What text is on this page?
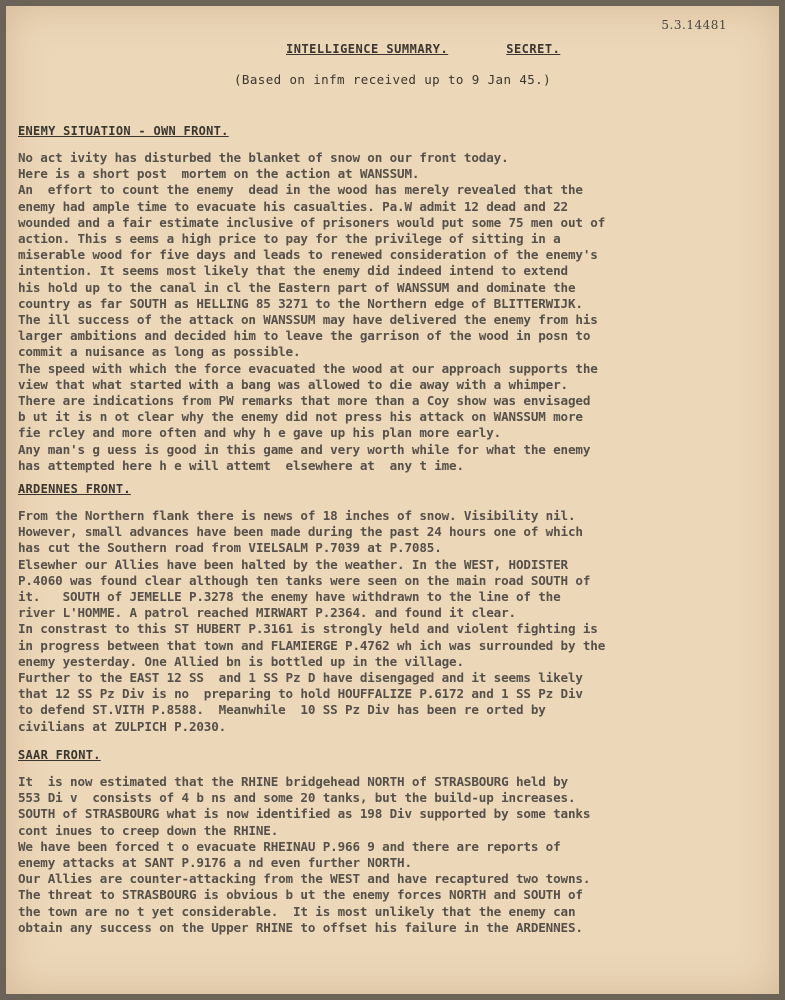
5.3.14481
INTELLIGENCE SUMMARY.	SECRET.
(Based on infm received up to 9 Jan 45.)
ENEMY SITUATION - OWN FRONT.
No act ivity has disturbed the blanket of snow on our front today.
Here is a short post  mortem on the action at WANSSUM.
An  effort to count the enemy  dead in the wood has merely revealed that the
enemy had ample time to evacuate his casualties. Pa.W admit 12 dead and 22
wounded and a fair estimate inclusive of prisoners would put some 75 men out of
action. This s eems a high price to pay for the privilege of sitting in a
miserable wood for five days and leads to renewed consideration of the enemy's
intention. It seems most likely that the enemy did indeed intend to extend
his hold up to the canal in cl the Eastern part of WANSSUM and dominate the
country as far SOUTH as HELLING 85 3271 to the Northern edge of BLITTERWIJK.
The ill success of the attack on WANSSUM may have delivered the enemy from his
larger ambitions and decided him to leave the garrison of the wood in posn to
commit a nuisance as long as possible.
The speed with which the force evacuated the wood at our approach supports the
view that what started with a bang was allowed to die away with a whimper.
There are indications from PW remarks that more than a Coy show was envisaged
b ut it is n ot clear why the enemy did not press his attack on WANSSUM more
fie rcley and more often and why h e gave up his plan more early.
Any man's g uess is good in this game and very worth while for what the enemy
has attempted here h e will attemt  elsewhere at  any t ime.
ARDENNES FRONT.
From the Northern flank there is news of 18 inches of snow. Visibility nil.
However, small advances have been made during the past 24 hours one of which
has cut the Southern road from VIELSALM P.7039 at P.7085.
Elsewher our Allies have been halted by the weather. In the WEST, HODISTER
P.4060 was found clear although ten tanks were seen on the main road SOUTH of
it.   SOUTH of JEMELLE P.3278 the enemy have withdrawn to the line of the
river L'HOMME. A patrol reached MIRWART P.2364. and found it clear.
In constrast to this ST HUBERT P.3161 is strongly held and violent fighting is
in progress between that town and FLAMIERGE P.4762 wh ich was surrounded by the
enemy yesterday. One Allied bn is bottled up in the village.
Further to the EAST 12 SS  and 1 SS Pz D have disengaged and it seems likely
that 12 SS Pz Div is no  preparing to hold HOUFFALIZE P.6172 and 1 SS Pz Div
to defend ST.VITH P.8588.  Meanwhile  10 SS Pz Div has been re orted by
civilians at ZULPICH P.2030.
SAAR FRONT.
It  is now estimated that the RHINE bridgehead NORTH of STRASBOURG held by
553 Di v  consists of 4 b ns and some 20 tanks, but the build-up increases.
SOUTH of STRASBOURG what is now identified as 198 Div supported by some tanks
cont inues to creep down the RHINE.
We have been forced t o evacuate RHEINAU P.966 9 and there are reports of
enemy attacks at SANT P.9176 a nd even further NORTH.
Our Allies are counter-attacking from the WEST and have recaptured two towns.
The threat to STRASBOURG is obvious b ut the enemy forces NORTH and SOUTH of
the town are no t yet considerable.  It is most unlikely that the enemy can
obtain any success on the Upper RHINE to offset his failure in the ARDENNES.
